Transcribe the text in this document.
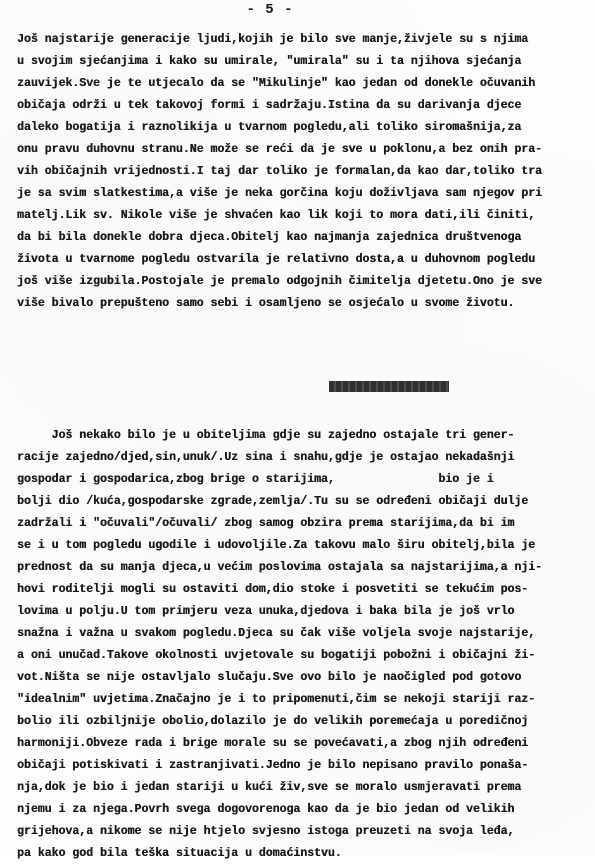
- 5 -
Još najstarije generacije ljudi,kojih je bilo sve manje,živjele su s njima
u svojim sjećanjima i kako su umirale, "umirala" su i ta njihova sjećanja
zauvijek.Sve je te utjecalo da se "Mikulinje" kao jedan od donekle očuvanih
običaja održi u tek takovoj formi i sadržaju.Istina da su darivanja djece
daleko bogatija i raznolikija u tvarnom pogledu,ali toliko siromašnija,za
onu pravu duhovnu stranu.Ne može se reći da je sve u poklonu,a bez onih pra-
vih običajnih vrijednosti.I taj dar toliko je formalan,da kao dar,toliko tra
je sa svim slatkestima,a više je neka gorčina koju doživljava sam njegov pri
matelj.Lik sv. Nikole više je shvaćen kao lik koji to mora dati,ili činiti,
da bi bila donekle dobra djeca.Obitelj kao najmanja zajednica društvenoga
života u tvarnome pogledu ostvarila je relativno dosta,a u duhovnom pogledu
još više izgubila.Postojale je premalo odgojnih čimitelja djetetu.Ono je sve
više bivalo prepušteno samo sebi i osamljeno se osjećalo u svome životu.

Još nekako bilo je u obiteljima gdje su zajedno ostajale tri gener-
racije zajedno/djed,sin,unuk/.Uz sina i snahu,gdje je ostajao nekadašnji
gospodar i gospodarica,zbog brige o starijima,               bio je i
bolji dio /kuća,gospodarske zgrade,zemlja/.Tu su se određeni običaji dulje
zadržali i "očuvali"/očuvali/ zbog samog obzira prema starijima,da bi im
se i u tom pogledu ugodile i udovoljile.Za takovu malo širu obitelj,bila je
prednost da su manja djeca,u većim poslovima ostajala sa najstarijima,a nji-
hovi roditelji mogli su ostaviti dom,dio stoke i posvetiti se tekućim pos-
lovima u polju.U tom primjeru veza unuka,djedova i baka bila je još vrlo
snažna i važna u svakom pogledu.Djeca su čak više voljela svoje najstarije,
a oni unučad.Takove okolnosti uvjetovale su bogatiji pobožni i običajni ži-
vot.Ništa se nije ostavljalo slučaju.Sve ovo bilo je naočigled pod gotovo
"idealnim" uvjetima.Značajno je i to pripomenuti,čim se nekoji stariji raz-
bolio ili ozbiljnije obolio,dolazilo je do velikih poremećaja u poredičnoj
harmoniji.Obveze rada i brige morale su se povećavati,a zbog njih određeni
običaji potiskivati i zastranjivati.Jedno je bilo nepisano pravilo ponaša-
nja,dok je bio i jedan stariji u kući živ,sve se moralo usmjeravati prema
njemu i za njega.Povrh svega dogovorenoga kao da je bio jedan od velikih
grijehova,a nikome se nije htjelo svjesno istoga preuzeti na svoja leđa,
pa kako god bila teška situacija u domaćinstvu.
